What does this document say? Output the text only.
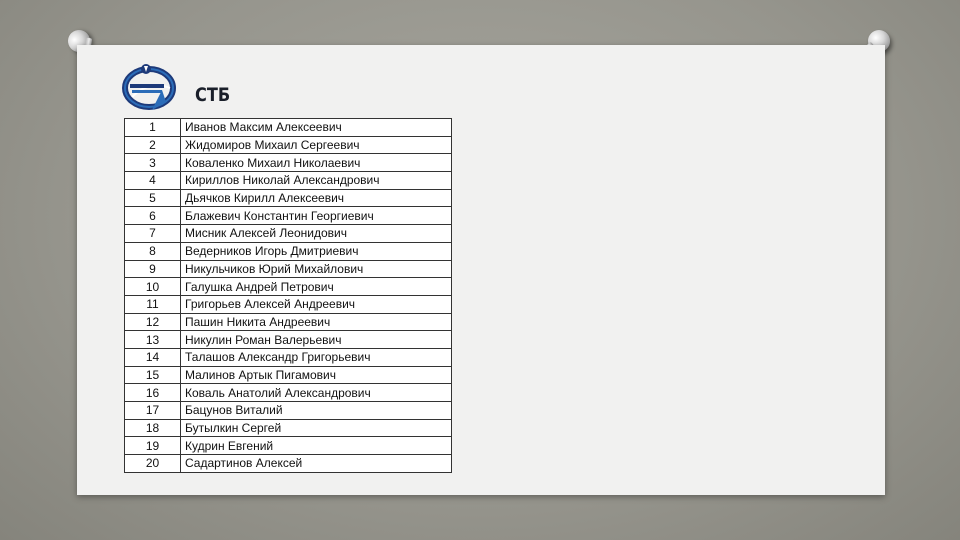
СТБ
1	Иванов Максим Алексеевич
2	Жидомиров Михаил Сергеевич
3	Коваленко Михаил Николаевич
4	Кириллов Николай Александрович
5	Дьячков Кирилл Алексеевич
6	Блажевич Константин Георгиевич
7	Мисник Алексей Леонидович
8	Ведерников Игорь Дмитриевич
9	Никульчиков Юрий Михайлович
10	Галушка Андрей Петрович
11	Григорьев Алексей Андреевич
12	Пашин Никита Андреевич
13	Никулин Роман Валерьевич
14	Талашов Александр Григорьевич
15	Малинов Артык Пигамович
16	Коваль Анатолий Александрович
17	Бацунов Виталий
18	Бутылкин Сергей
19	Кудрин Евгений
20	Садартинов Алексей
